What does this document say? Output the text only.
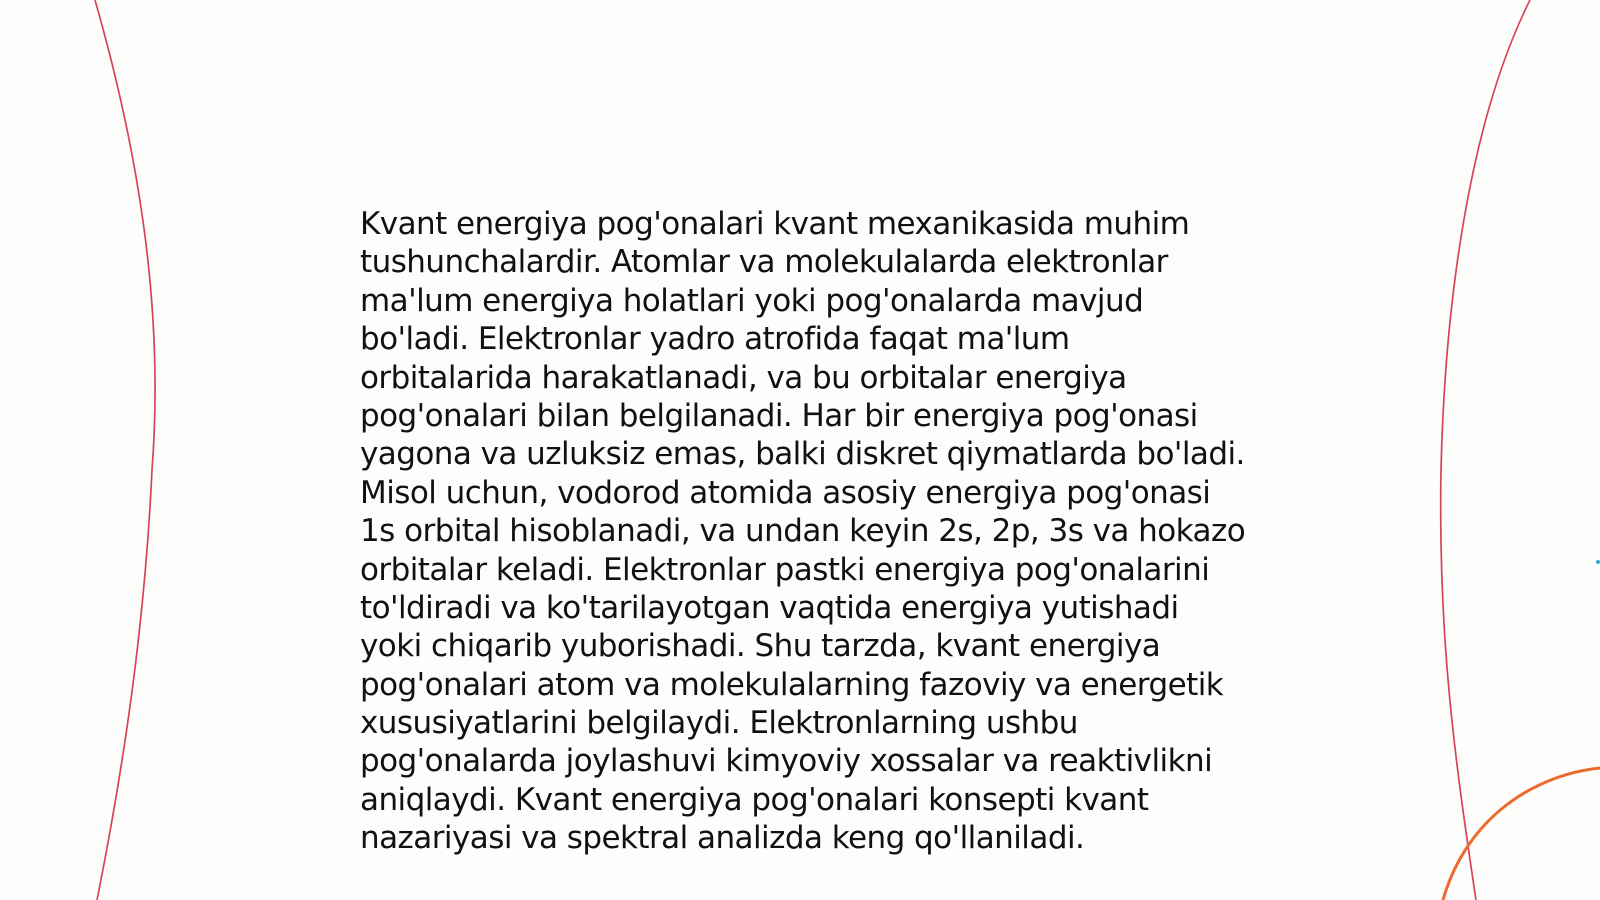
Kvant energiya pog'onalari kvant mexanikasida muhim
tushunchalardir. Atomlar va molekulalarda elektronlar
ma'lum energiya holatlari yoki pog'onalarda mavjud
bo'ladi. Elektronlar yadro atrofida faqat ma'lum
orbitalarida harakatlanadi, va bu orbitalar energiya
pog'onalari bilan belgilanadi. Har bir energiya pog'onasi
yagona va uzluksiz emas, balki diskret qiymatlarda bo'ladi.
Misol uchun, vodorod atomida asosiy energiya pog'onasi
1s orbital hisoblanadi, va undan keyin 2s, 2p, 3s va hokazo
orbitalar keladi. Elektronlar pastki energiya pog'onalarini
to'ldiradi va ko'tarilayotgan vaqtida energiya yutishadi
yoki chiqarib yuborishadi. Shu tarzda, kvant energiya
pog'onalari atom va molekulalarning fazoviy va energetik
xususiyatlarini belgilaydi. Elektronlarning ushbu
pog'onalarda joylashuvi kimyoviy xossalar va reaktivlikni
aniqlaydi. Kvant energiya pog'onalari konsepti kvant
nazariyasi va spektral analizda keng qo'llaniladi.
